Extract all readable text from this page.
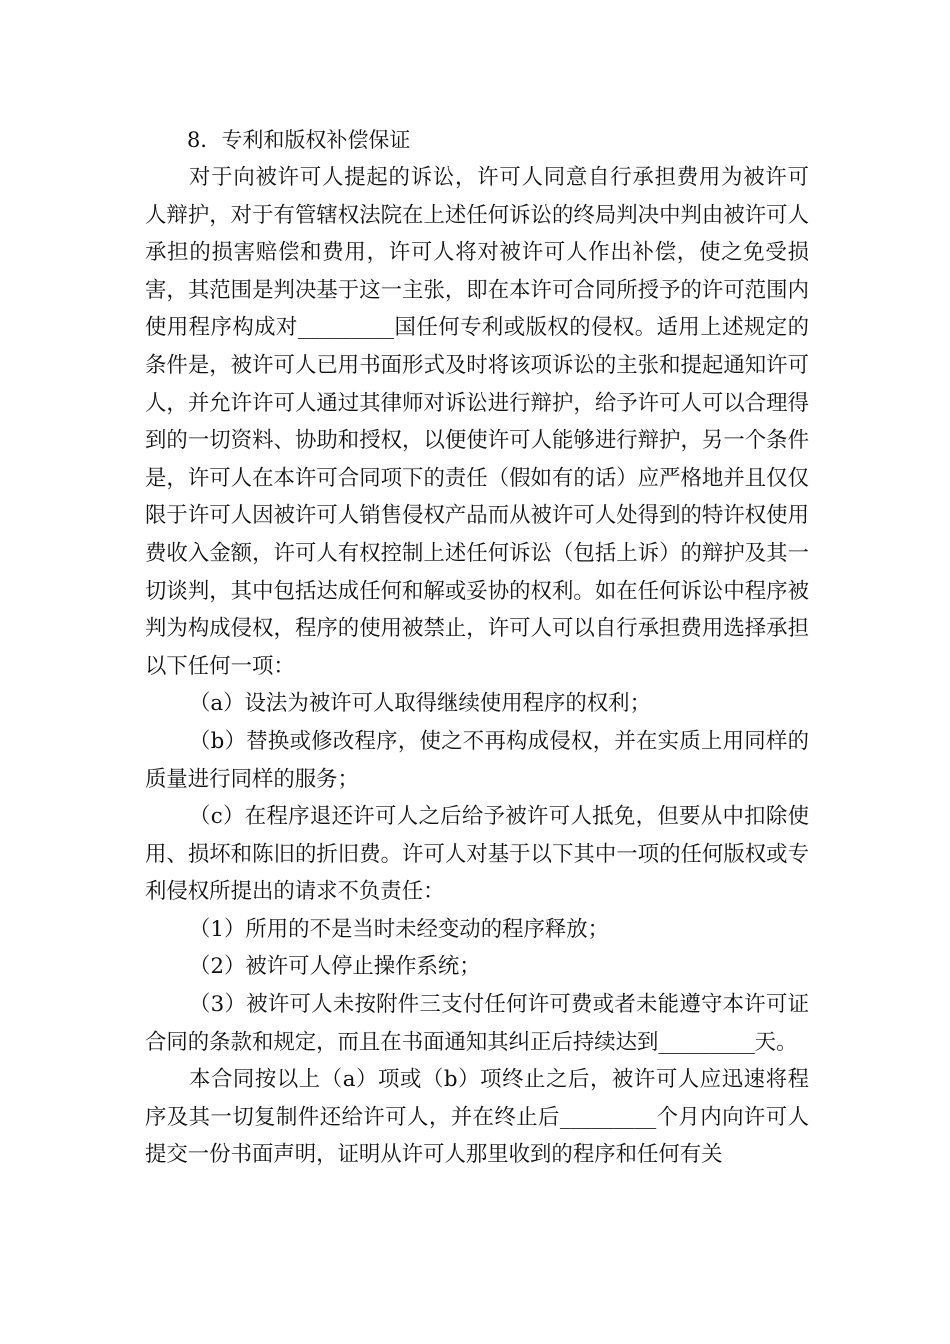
8．专利和版权补偿保证

对于向被许可人提起的诉讼，许可人同意自行承担费用为被许可人辩护，对于有管辖权法院在上述任何诉讼的终局判决中判由被许可人承担的损害赔偿和费用，许可人将对被许可人作出补偿，使之免受损害，其范围是判决基于这一主张，即在本许可合同所授予的许可范围内使用程序构成对_________国任何专利或版权的侵权。适用上述规定的条件是，被许可人已用书面形式及时将该项诉讼的主张和提起通知许可人，并允许许可人通过其律师对诉讼进行辩护，给予许可人可以合理得到的一切资料、协助和授权，以便使许可人能够进行辩护，另一个条件是，许可人在本许可合同项下的责任（假如有的话）应严格地并且仅仅限于许可人因被许可人销售侵权产品而从被许可人处得到的特许权使用费收入金额，许可人有权控制上述任何诉讼（包括上诉）的辩护及其一切谈判，其中包括达成任何和解或妥协的权利。如在任何诉讼中程序被判为构成侵权，程序的使用被禁止，许可人可以自行承担费用选择承担以下任何一项：

（a）设法为被许可人取得继续使用程序的权利；

（b）替换或修改程序，使之不再构成侵权，并在实质上用同样的质量进行同样的服务；

（c）在程序退还许可人之后给予被许可人抵免，但要从中扣除使用、损坏和陈旧的折旧费。许可人对基于以下其中一项的任何版权或专利侵权所提出的请求不负责任：

（1）所用的不是当时未经变动的程序释放；

（2）被许可人停止操作系统；

（3）被许可人未按附件三支付任何许可费或者未能遵守本许可证合同的条款和规定，而且在书面通知其纠正后持续达到_________天。

本合同按以上（a）项或（b）项终止之后，被许可人应迅速将程序及其一切复制件还给许可人，并在终止后_________个月内向许可人提交一份书面声明，证明从许可人那里收到的程序和任何有关
